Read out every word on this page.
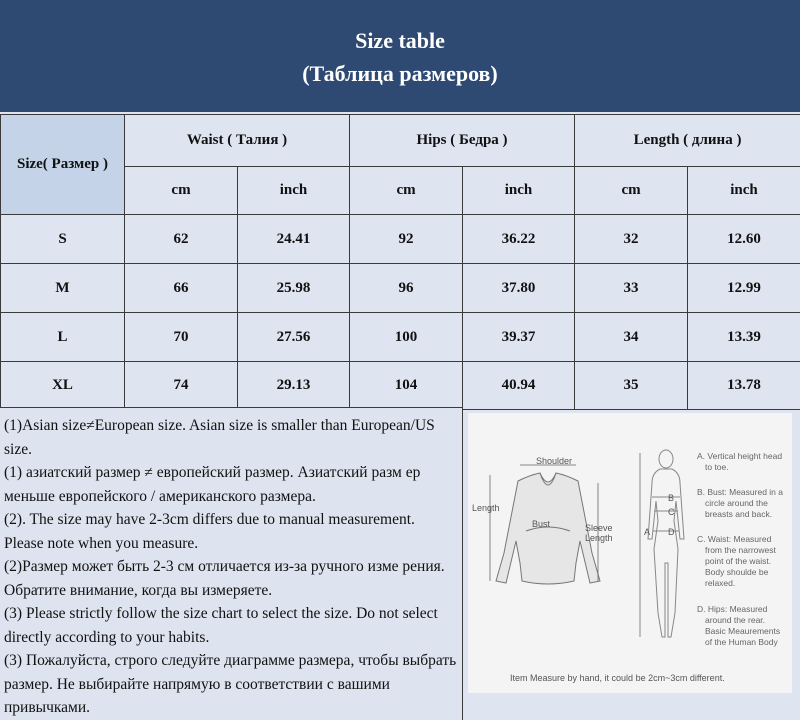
Size table
(Таблица размеров)
Size( Размер )	Waist ( Талия )		Hips ( Бедра )		Length ( длина )	
	cm	inch	cm	inch	cm	inch
S	62	24.41	92	36.22	32	12.60
M	66	25.98	96	37.80	33	12.99
L	70	27.56	100	39.37	34	13.39
XL	74	29.13	104	40.94	35	13.78

(1)Asian size≠European size. Asian size is smaller than European/US size.

(1) азиатский размер ≠ европейский размер. Азиатский разм ер меньше европейского / американского размера.

(2). The size may have 2-3cm differs due to manual measurement. Please note when you measure.

(2)Размер может быть 2-3 см отличается из-за ручного изме рения. Обратите внимание, когда вы измеряете.

(3) Please strictly follow the size chart to select the size. Do not select directly according to your habits.

(3) Пожалуйста, строго следуйте диаграмме размера, чтобы выбрать размер. Не выбирайте напрямую в соответствии с вашими привычками.

Shoulder
Length
Bust	Sleeve
Length
A
B
C
D
A. Vertical height head
to toe.
B. Bust: Measured in a
circle around the
breasts and back.
C. Waist: Measured
from the narrowest
point of the waist.
Body shoulde be
relaxed.
D. Hips: Measured
around the rear.
Basic Meaurements
of the Human Body
Item Measure by hand, it could be 2cm~3cm different.
